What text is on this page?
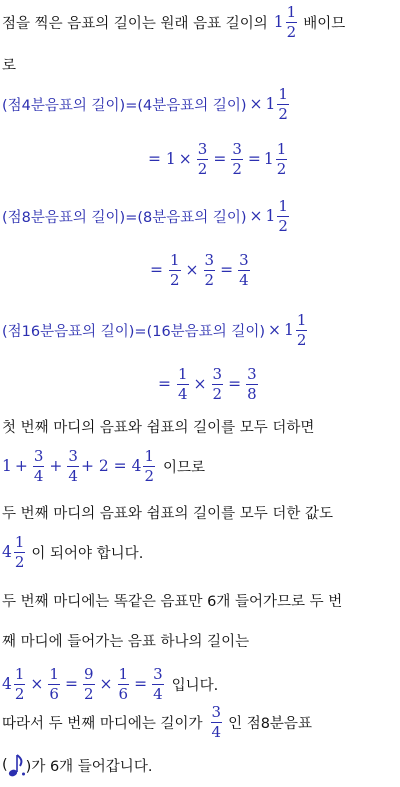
점을 찍은 음표의 길이는 원래 음표 길이의 1
1
2 배이므
로
(점4분음표의 길이)=(4분음표의 길이) × 1
1
2
= 1 ×
3
2
=
3
2
= 1
1
2
(점8분음표의 길이)=(8분음표의 길이) × 1
1
2
=
1
2
×
3
2
=
3
4
(점16분음표의 길이)=(16분음표의 길이) × 1
1
2
=
1
4
×
3
2
=
3
8
첫 번째 마디의 음표와 쉼표의 길이를 모두 더하면
1 +
3
4
+
3
4
+ 2 = 4
1
2 이므로
두 번째 마디의 음표와 쉼표의 길이를 모두 더한 값도
4
1
2 이 되어야 합니다.
두 번째 마디에는 똑같은 음표만 6개 들어가므로 두 번
째 마디에 들어가는 음표 하나의 길이는
4
1
2
×
1
6
=
9
2
×
1
6
=
3
4 입니다.
따라서 두 번째 마디에는 길이가
3
4 인 점8분음표
( )가 6개 들어갑니다.
